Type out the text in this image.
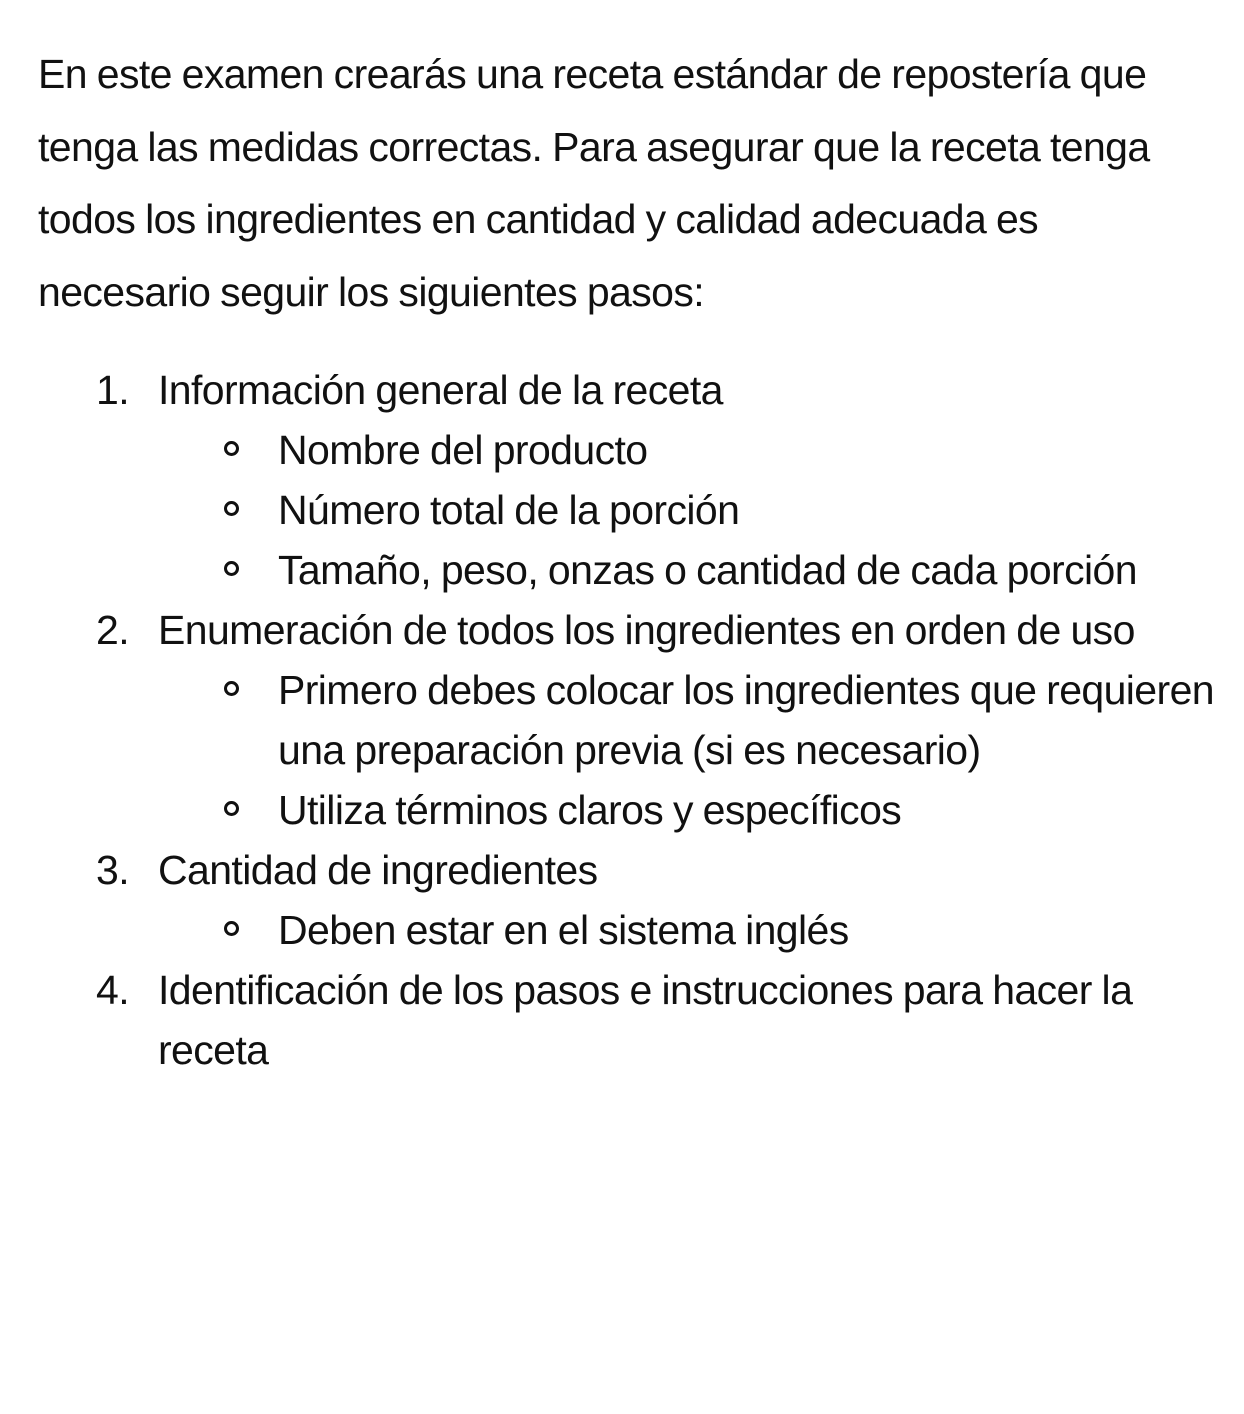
En este examen crearás una receta estándar de repostería que tenga las medidas correctas. Para asegurar que la receta tenga todos los ingredientes en cantidad y calidad adecuada es necesario seguir los siguientes pasos:

1. Información general de la receta
Nombre del producto
Número total de la porción
Tamaño, peso, onzas o cantidad de cada porción
2. Enumeración de todos los ingredientes en orden de uso
Primero debes colocar los ingredientes que requieren una preparación previa (si es necesario)
Utiliza términos claros y específicos
3. Cantidad de ingredientes
Deben estar en el sistema inglés
4. Identificación de los pasos e instrucciones para hacer la receta
